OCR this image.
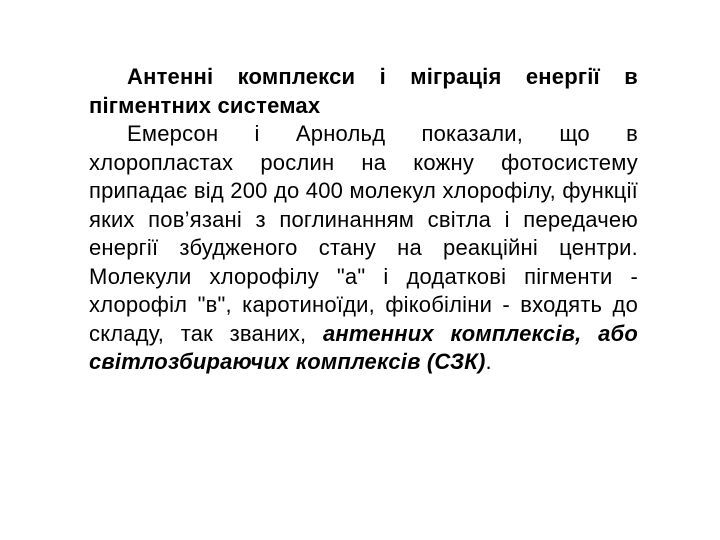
Антенні комплекси і міграція енергії в пігментних системах

Емерсон і Арнольд показали, що в хлоропластах рослин на кожну фотосистему припадає від 200 до 400 молекул хлорофілу, функції яких пов’язані з поглинанням світла і передачею енергії збудженого стану на реакційні центри. Молекули хлорофілу "а" і додаткові пігменти - хлорофіл "в", каротиноїди, фікобіліни - входять до складу, так званих, антенних комплексів, або світлозбираючих комплексів (СЗК).
